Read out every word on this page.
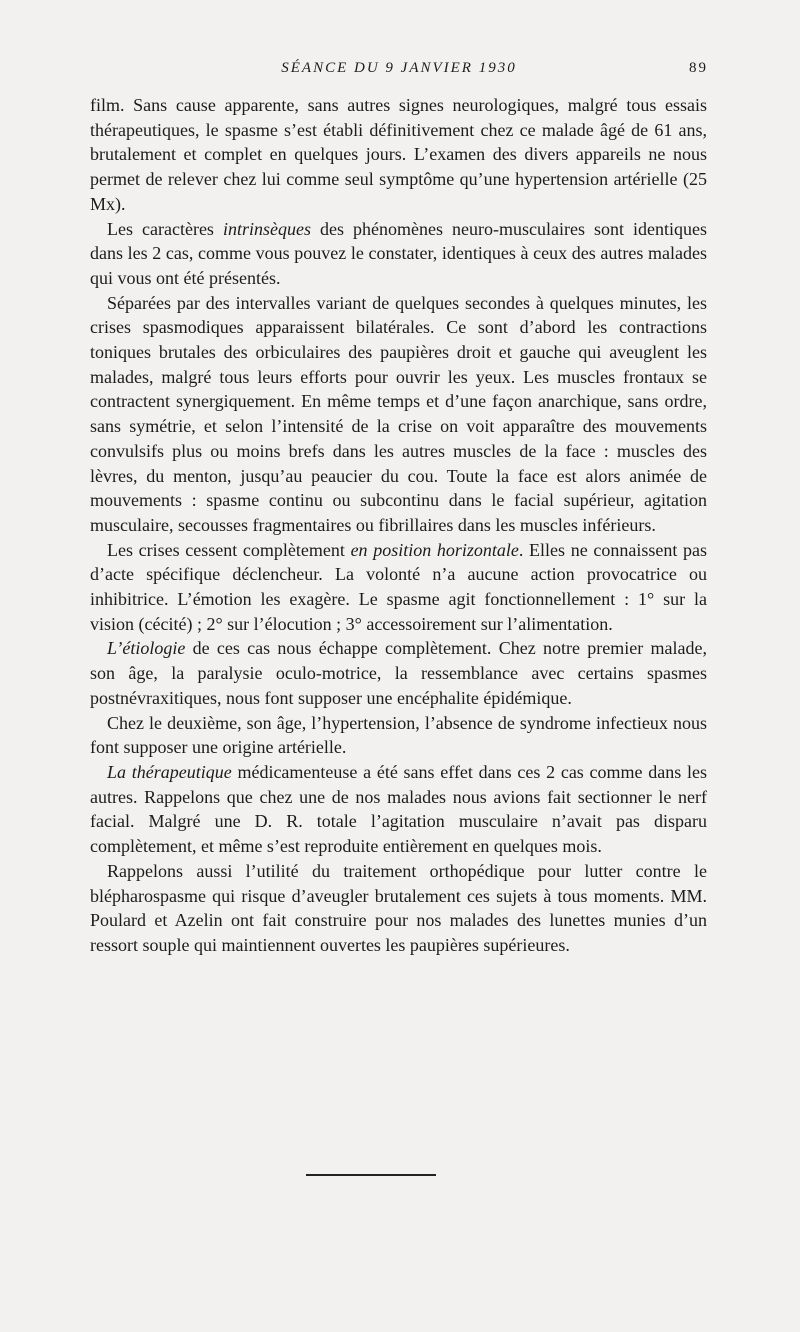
SÉANCE DU 9 JANVIER 1930	89

film. Sans cause apparente, sans autres signes neurologiques, malgré tous essais thérapeutiques, le spasme s’est établi définitivement chez ce malade âgé de 61 ans, brutalement et complet en quelques jours. L’examen des divers appareils ne nous permet de relever chez lui comme seul symptôme qu’une hypertension artérielle (25 Mx).

Les caractères intrinsèques des phénomènes neuro-musculaires sont identiques dans les 2 cas, comme vous pouvez le constater, identiques à ceux des autres malades qui vous ont été présentés.

Séparées par des intervalles variant de quelques secondes à quelques minutes, les crises spasmodiques apparaissent bilatérales. Ce sont d’abord les contractions toniques brutales des orbiculaires des paupières droit et gauche qui aveuglent les malades, malgré tous leurs efforts pour ouvrir les yeux. Les muscles frontaux se contractent synergiquement. En même temps et d’une façon anarchique, sans ordre, sans symétrie, et selon l’intensité de la crise on voit apparaître des mouvements convulsifs plus ou moins brefs dans les autres muscles de la face : muscles des lèvres, du menton, jusqu’au peaucier du cou. Toute la face est alors animée de mouvements : spasme continu ou subcontinu dans le facial supérieur, agitation musculaire, secousses fragmentaires ou fibrillaires dans les muscles inférieurs.

Les crises cessent complètement en position horizontale. Elles ne connaissent pas d’acte spécifique déclencheur. La volonté n’a aucune action provocatrice ou inhibitrice. L’émotion les exagère. Le spasme agit fonctionnellement : 1° sur la vision (cécité) ; 2° sur l’élocution ; 3° accessoirement sur l’alimentation.

L’étiologie de ces cas nous échappe complètement. Chez notre premier malade, son âge, la paralysie oculo-motrice, la ressemblance avec certains spasmes postnévraxitiques, nous font supposer une encéphalite épidémique.

Chez le deuxième, son âge, l’hypertension, l’absence de syndrome infectieux nous font supposer une origine artérielle.

La thérapeutique médicamenteuse a été sans effet dans ces 2 cas comme dans les autres. Rappelons que chez une de nos malades nous avions fait sectionner le nerf facial. Malgré une D. R. totale l’agitation musculaire n’avait pas disparu complètement, et même s’est reproduite entièrement en quelques mois.

Rappelons aussi l’utilité du traitement orthopédique pour lutter contre le blépharospasme qui risque d’aveugler brutalement ces sujets à tous moments. MM. Poulard et Azelin ont fait construire pour nos malades des lunettes munies d’un ressort souple qui maintiennent ouvertes les paupières supérieures.
